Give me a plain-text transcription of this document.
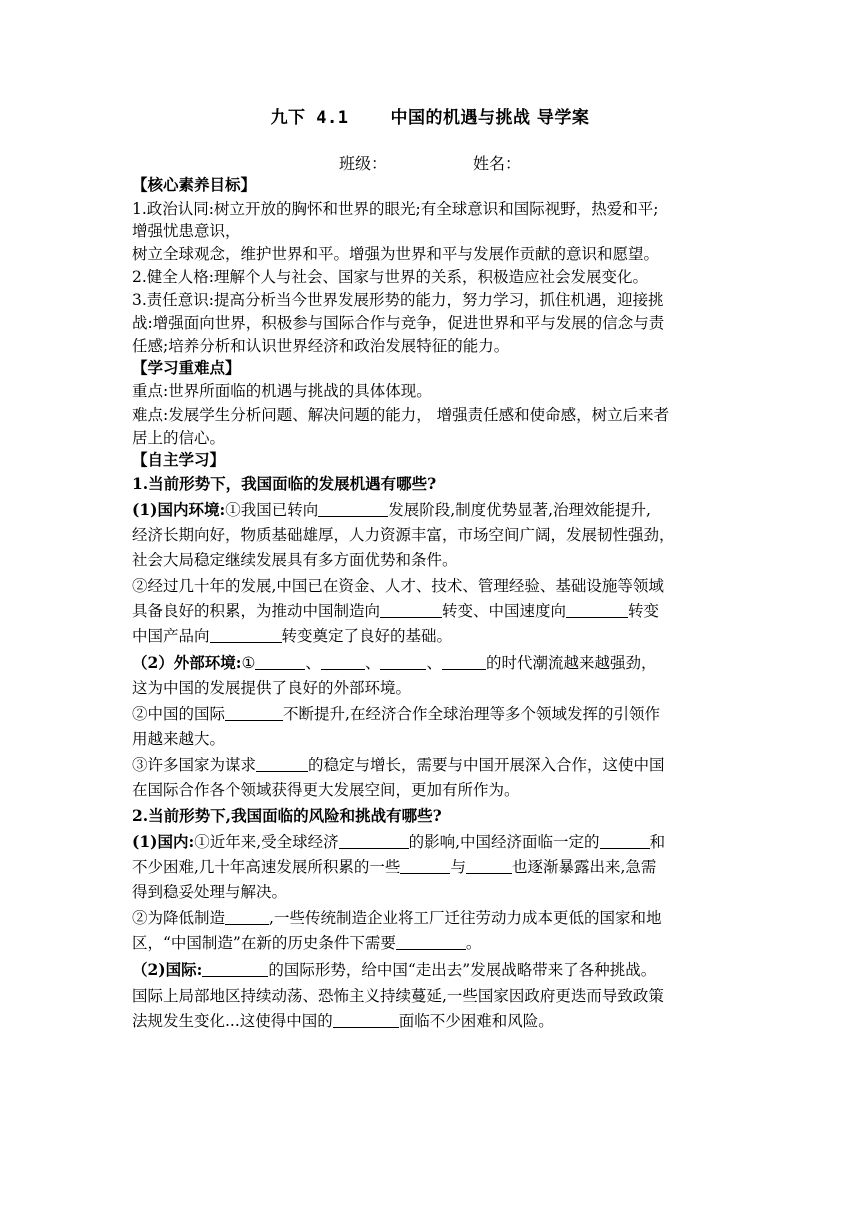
九下 4.1 中国的机遇与挑战 导学案
班级：	姓名：
【核心素养目标】
1.政治认同:树立开放的胸怀和世界的眼光;有全球意识和国际视野，热爱和平;
增强忧患意识，
树立全球观念，维护世界和平。增强为世界和平与发展作贡献的意识和愿望。
2.健全人格:理解个人与社会、国家与世界的关系，积极造应社会发展变化。
3.责任意识:提高分析当今世界发展形势的能力，努力学习，抓住机遇，迎接挑
战:增强面向世界，积极参与国际合作与竞争，促进世界和平与发展的信念与责
任感;培养分析和认识世界经济和政治发展特征的能力。
【学习重难点】
重点:世界所面临的机遇与挑战的具体体现。
难点:发展学生分析问题、解决问题的能力， 增强责任感和使命感，树立后来者
居上的信心。
【自主学习】
1.当前形势下，我国面临的发展机遇有哪些?
(1)国内环境:①我国已转向	发展阶段,制度优势显著,治理效能提升,
经济长期向好，物质基础雄厚，人力资源丰富，市场空间广阔，发展韧性强劲，
社会大局稳定继续发展具有多方面优势和条件。
②经过几十年的发展,中国已在资金、人才、技术、管理经验、基础设施等领域
具备良好的积累，为推动中国制造向	转变、中国速度向	转变
中国产品向	转变奠定了良好的基础。
（2）外部环境:①	、	、	、	的时代潮流越来越强劲，
这为中国的发展提供了良好的外部环境。
②中国的国际	不断提升,在经济合作全球治理等多个领域发挥的引领作
用越来越大。
③许多国家为谋求	的稳定与增长，需要与中国开展深入合作，这使中国
在国际合作各个领域获得更大发展空间，更加有所作为。
2.当前形势下,我国面临的风险和挑战有哪些?
(1)国内:①近年来,受全球经济	的影响,中国经济面临一定的	和
不少困难,几十年高速发展所积累的一些	与	也逐渐暴露出来,急需
得到稳妥处理与解决。
②为降低制造	,一些传统制造企业将工厂迁往劳动力成本更低的国家和地
区，“中国制造”在新的历史条件下需要	。
（2)国际:	的国际形势，给中国“走出去”发展战略带来了各种挑战。
国际上局部地区持续动荡、恐怖主义持续蔓延,一些国家因政府更迭而导致政策
法规发生变化...这使得中国的	面临不少困难和风险。
